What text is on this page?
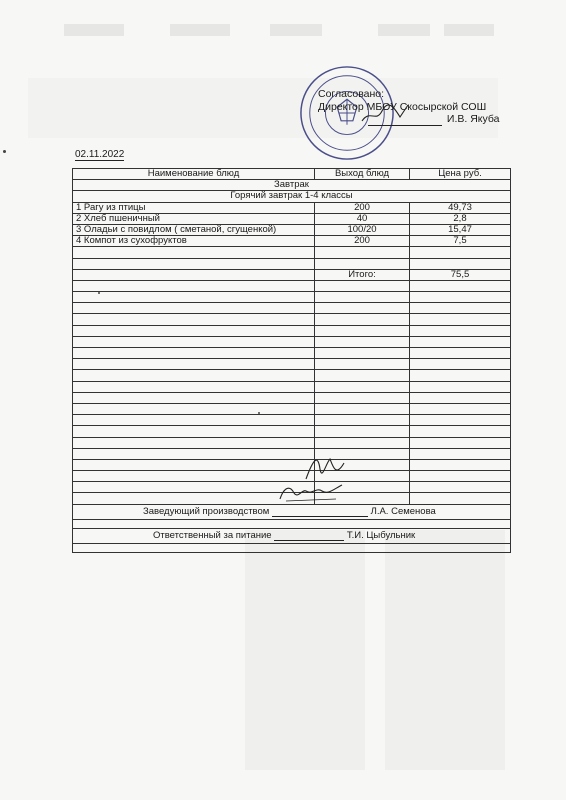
Согласовано:
Директор МБОУ Скосырской СОШ
И.В. Якуба
02.11.2022
Наименование блюд	Выход блюд	Цена руб.
Завтрак		
Горячий завтрак 1-4 классы		
1 Рагу из птицы	200	49,73
2 Хлеб пшеничный	40	2,8
3 Оладьи с повидлом ( сметаной, сгущенкой)	100/20	15,47
4 Компот из сухофруктов	200	7,5

	Итого:	75,5

Заведующий производством Л.А. Семенова		

Ответственный за питание Т.И. Цыбульник		
